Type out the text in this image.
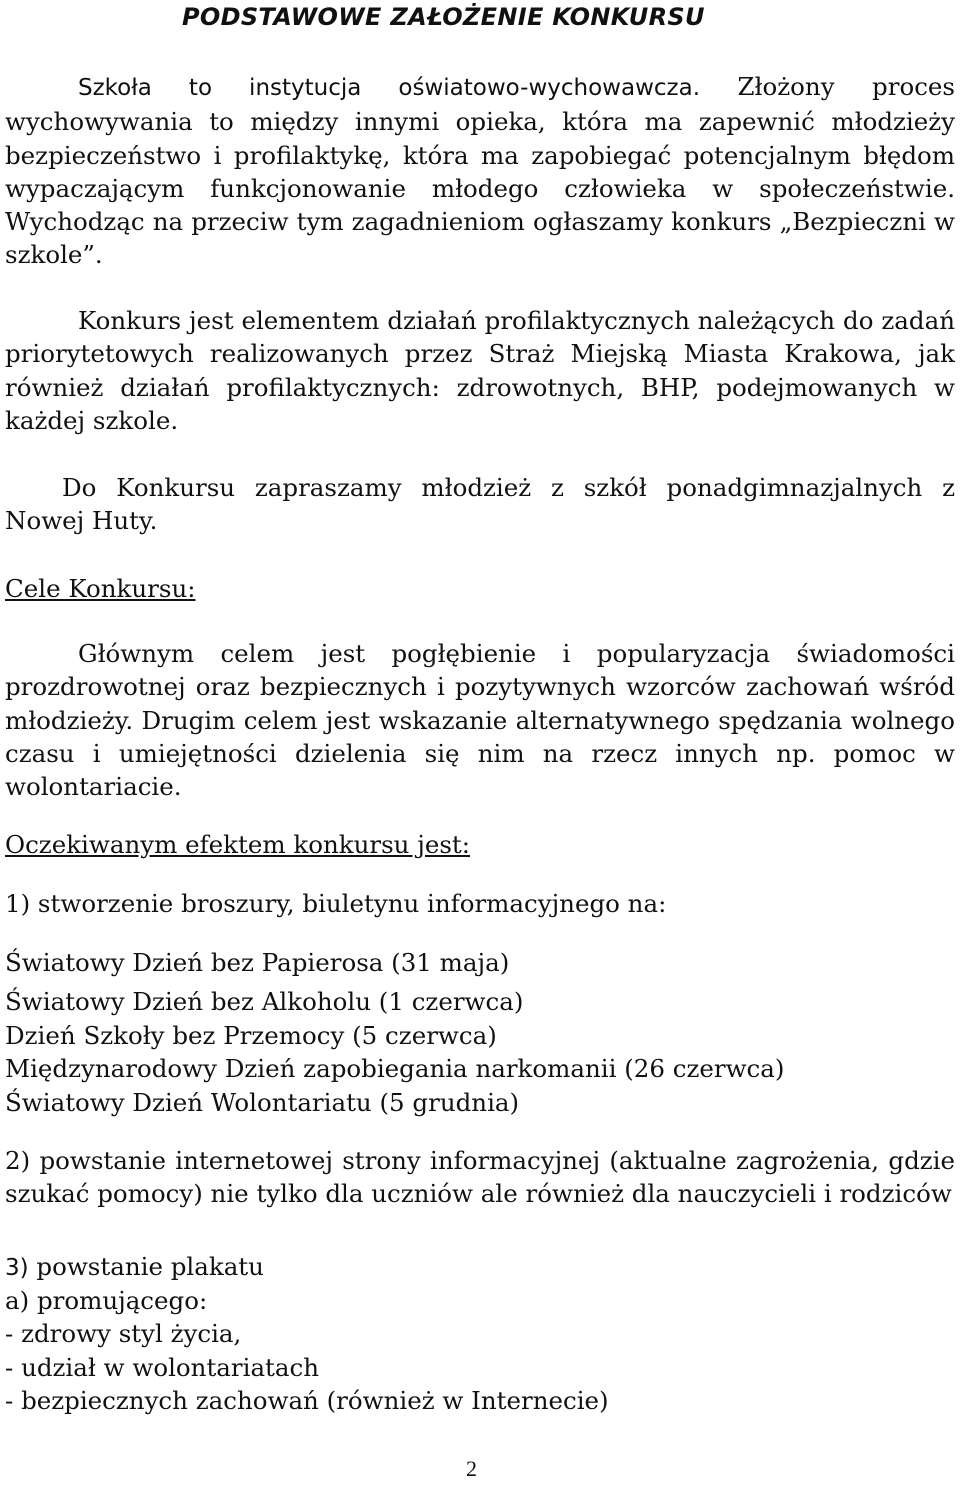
PODSTAWOWE ZAŁOŻENIE KONKURSU

Szkoła to instytucja oświatowo-wychowawcza. Złożony proces wychowywania to między innymi opieka, która ma zapewnić młodzieży bezpieczeństwo i profilaktykę, która ma zapobiegać potencjalnym błędom wypaczającym funkcjonowanie młodego człowieka w społeczeństwie. Wychodząc na przeciw tym zagadnieniom ogłaszamy konkurs „Bezpieczni w szkole”.

Konkurs jest elementem działań profilaktycznych należących do zadań priorytetowych realizowanych przez Straż Miejską Miasta Krakowa, jak również działań profilaktycznych: zdrowotnych, BHP, podejmowanych w każdej szkole.

Do Konkursu zapraszamy młodzież z szkół ponadgimnazjalnych z Nowej Huty.

Cele Konkursu:

Głównym celem jest pogłębienie i popularyzacja świadomości prozdrowotnej oraz bezpiecznych i pozytywnych wzorców zachowań wśród młodzieży. Drugim celem jest wskazanie alternatywnego spędzania wolnego czasu i umiejętności dzielenia się nim na rzecz innych np. pomoc w wolontariacie.

Oczekiwanym efektem konkursu jest:

1) stworzenie broszury, biuletynu informacyjnego na:

Światowy Dzień bez Papierosa (31 maja)

Światowy Dzień bez Alkoholu (1 czerwca)

Dzień Szkoły bez Przemocy (5 czerwca)

Międzynarodowy Dzień zapobiegania narkomanii (26 czerwca)

Światowy Dzień Wolontariatu (5 grudnia)

2) powstanie internetowej strony informacyjnej (aktualne zagrożenia, gdzie szukać pomocy) nie tylko dla uczniów ale również dla nauczycieli i rodziców

3) powstanie plakatu

a) promującego:

- zdrowy styl życia,

- udział w wolontariatach

- bezpiecznych zachowań (również w Internecie)

2
